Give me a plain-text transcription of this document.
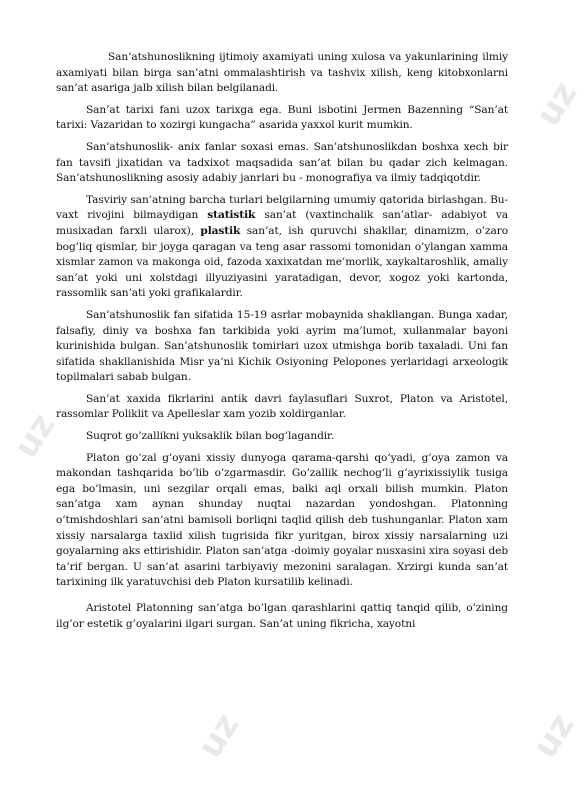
uz
uz
uz	uz

San’atshunoslikning ijtimoiy axamiyati uning xulosa va yakunlarining ilmiy axamiyati bilan birga san’atni ommalashtirish va tashvix xilish, keng kitobxonlarni san’at asariga jalb xilish bilan belgilanadi.

San’at tarixi fani uzox tarixga ega. Buni isbotini Jermen Bazenning “San’at tarixi: Vazaridan to xozirgi kungacha” asarida yaxxol kurit mumkin.

San’atshunoslik- anix fanlar soxasi emas. San’atshunoslikdan boshxa xech bir fan tavsifi jixatidan va tadxixot maqsadida san’at bilan bu qadar zich kelmagan. San’atshunoslikning asosiy adabiy janrlari bu - monografiya va ilmiy tadqiqotdir.

Tasviriy san’atning barcha turlari belgilarning umumiy qatorida birlashgan. Bu-vaxt rivojini bilmaydigan statistik san’at (vaxtinchalik san’atlar- adabiyot va musixadan farxli ularox), plastik san’at, ish quruvchi shakllar, dinamizm, o’zaro bog’liq qismlar, bir joyga qaragan va teng asar rassomi tomonidan o’ylangan xamma xismlar zamon va makonga oid, fazoda xaxixatdan me’morlik, xaykaltaroshlik, amaliy san’at yoki uni xolstdagi illyuziyasini yaratadigan, devor, xogoz yoki kartonda, rassomlik san’ati yoki grafikalardir.

San’atshunoslik fan sifatida 15-19 asrlar mobaynida shakllangan. Bunga xadar, falsafiy, diniy va boshxa fan tarkibida yoki ayrim ma’lumot, xullanmalar bayoni kurinishida bulgan. San’atshunoslik tomirlari uzox utmishga borib taxaladi. Uni fan sifatida shakllanishida Misr ya’ni Kichik Osiyoning Pelopones yerlaridagi arxeologik topilmalari sabab bulgan.

San’at xaxida fikrlarini antik davri faylasuflari Suxrot, Platon va Aristotel, rassomlar Poliklit va Apelleslar xam yozib xoldirganlar.

Suqrot go’zallikni yuksaklik bilan bog’lagandir.

Platon go’zal g’oyani xissiy dunyoga qarama-qarshi qo’yadi, g’oya zamon va makondan tashqarida bo’lib o’zgarmasdir. Go’zallik nechog’li g’ayrixissiylik tusiga ega bo’lmasin, uni sezgilar orqali emas, balki aql orxali bilish mumkin. Platon san’atga xam aynan shunday nuqtai nazardan yondoshgan. Platonning o’tmishdoshlari san’atni bamisoli borliqni taqlid qilish deb tushunganlar. Platon xam xissiy narsalarga taxlid xilish tugrisida fikr yuritgan, birox xissiy narsalarning uzi goyalarning aks ettirishidir. Platon san’atga -doimiy goyalar nusxasini xira soyasi deb ta’rif bergan. U san’at asarini tarbiyaviy mezonini saralagan. Xrzirgi kunda san’at tarixining ilk yaratuvchisi deb Platon kursatilib kelinadi.

Aristotel Platonning san’atga bo’lgan qarashlarini qattiq tanqid qilib, o’zining ilg’or estetik g’oyalarini ilgari surgan. San’at uning fikricha, xayotni
